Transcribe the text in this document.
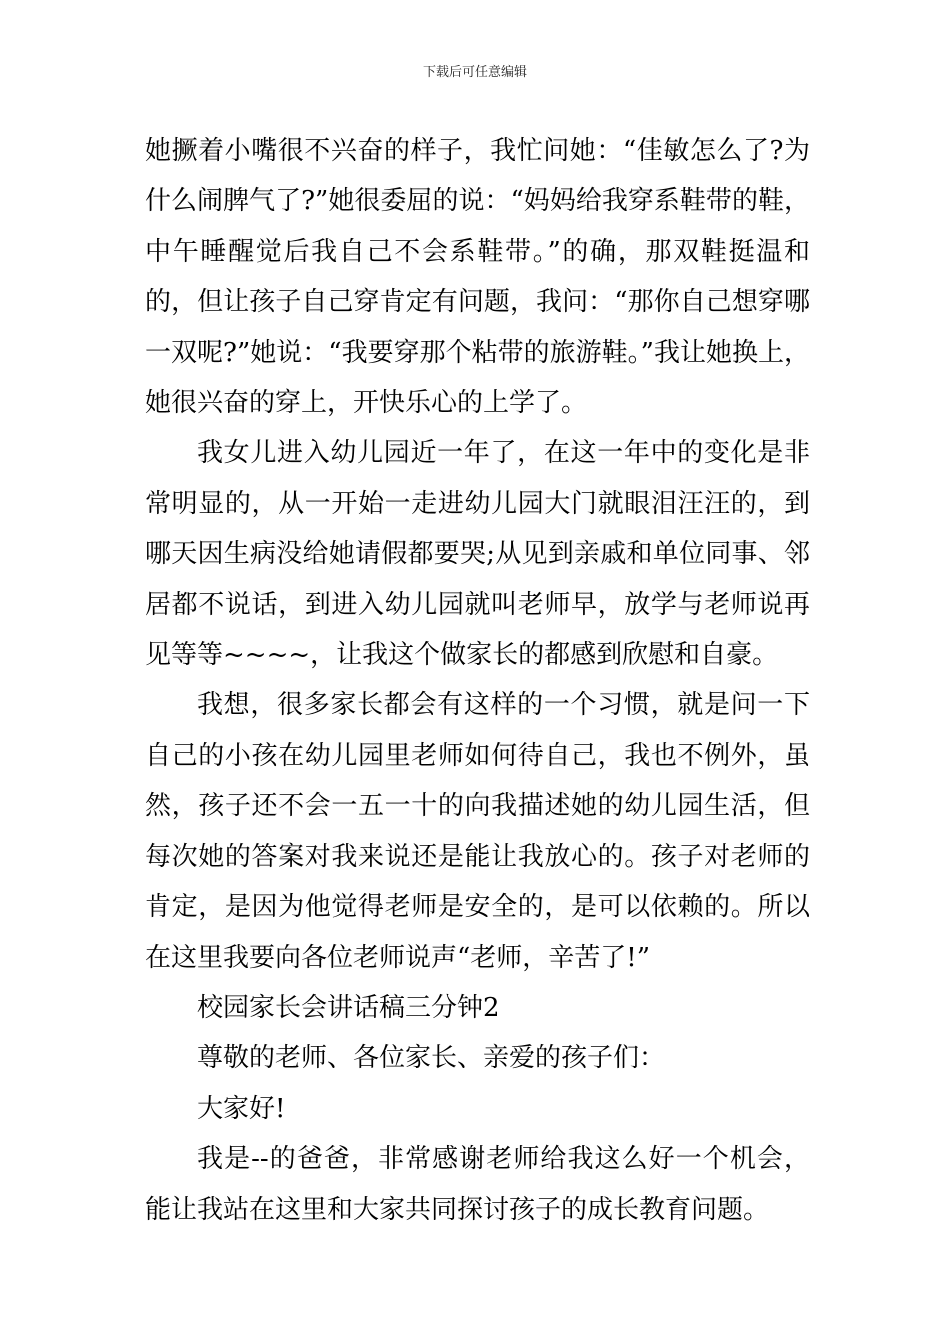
下载后可任意编辑

她撅着小嘴很不兴奋的样子，我忙问她：“佳敏怎么了?为什么闹脾气了?”她很委屈的说：“妈妈给我穿系鞋带的鞋，中午睡醒觉后我自己不会系鞋带。”的确，那双鞋挺温和的，但让孩子自己穿肯定有问题，我问：“那你自己想穿哪一双呢?”她说：“我要穿那个粘带的旅游鞋。”我让她换上，她很兴奋的穿上，开快乐心的上学了。

我女儿进入幼儿园近一年了，在这一年中的变化是非常明显的，从一开始一走进幼儿园大门就眼泪汪汪的，到哪天因生病没给她请假都要哭;从见到亲戚和单位同事、邻居都不说话，到进入幼儿园就叫老师早，放学与老师说再见等等~~~~，让我这个做家长的都感到欣慰和自豪。

我想，很多家长都会有这样的一个习惯，就是问一下自己的小孩在幼儿园里老师如何待自己，我也不例外，虽然，孩子还不会一五一十的向我描述她的幼儿园生活，但每次她的答案对我来说还是能让我放心的。孩子对老师的肯定，是因为他觉得老师是安全的，是可以依赖的。所以在这里我要向各位老师说声“老师，辛苦了!”

校园家长会讲话稿三分钟2

尊敬的老师、各位家长、亲爱的孩子们：

大家好!

我是--的爸爸，非常感谢老师给我这么好一个机会，能让我站在这里和大家共同探讨孩子的成长教育问题。
